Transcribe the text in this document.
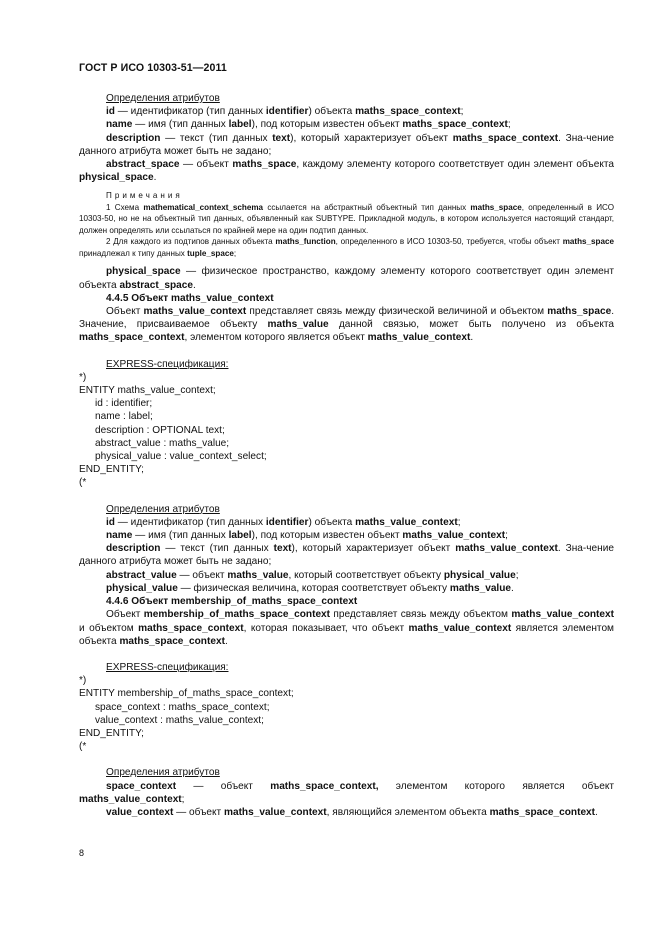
ГОСТ Р ИСО 10303-51—2011

Определения атрибутов

id — идентификатор (тип данных identifier) объекта maths_space_context;

name — имя (тип данных label), под которым известен объект maths_space_context;

description — текст (тип данных text), который характеризует объект maths_space_context. Зна-чение данного атрибута может быть не задано;

abstract_space — объект maths_space, каждому элементу которого соответствует один элемент объекта physical_space.

Примечания

1 Схема mathematical_context_schema ссылается на абстрактный объектный тип данных maths_space, определенный в ИСО 10303-50, но не на объектный тип данных, объявленный как SUBTYPE. Прикладной модуль, в котором используется настоящий стандарт, должен определять или ссылаться по крайней мере на один подтип данных.

2 Для каждого из подтипов данных объекта maths_function, определенного в ИСО 10303-50, требуется, чтобы объект maths_space принадлежал к типу данных tuple_space;

physical_space — физическое пространство, каждому элементу которого соответствует один элемент объекта abstract_space.

4.4.5 Объект maths_value_context

Объект maths_value_context представляет связь между физической величиной и объектом maths_space. Значение, присваиваемое объекту maths_value данной связью, может быть получено из объекта maths_space_context, элементом которого является объект maths_value_context.

EXPRESS-спецификация:

*)

ENTITY maths_value_context;

id : identifier;

name : label;

description : OPTIONAL text;

abstract_value : maths_value;

physical_value : value_context_select;

END_ENTITY;

(*

Определения атрибутов

id — идентификатор (тип данных identifier) объекта maths_value_context;

name — имя (тип данных label), под которым известен объект maths_value_context;

description — текст (тип данных text), который характеризует объект maths_value_context. Зна-чение данного атрибута может быть не задано;

abstract_value — объект maths_value, который соответствует объекту physical_value;

physical_value — физическая величина, которая соответствует объекту maths_value.

4.4.6 Объект membership_of_maths_space_context

Объект membership_of_maths_space_context представляет связь между объектом maths_value_context и объектом maths_space_context, которая показывает, что объект maths_value_context является элементом объекта maths_space_context.

EXPRESS-спецификация:

*)

ENTITY membership_of_maths_space_context;

space_context : maths_space_context;

value_context : maths_value_context;

END_ENTITY;

(*

Определения атрибутов

space_context — объект maths_space_context, элементом которого является объект maths_value_context;

value_context — объект maths_value_context, являющийся элементом объекта maths_space_context.

8
